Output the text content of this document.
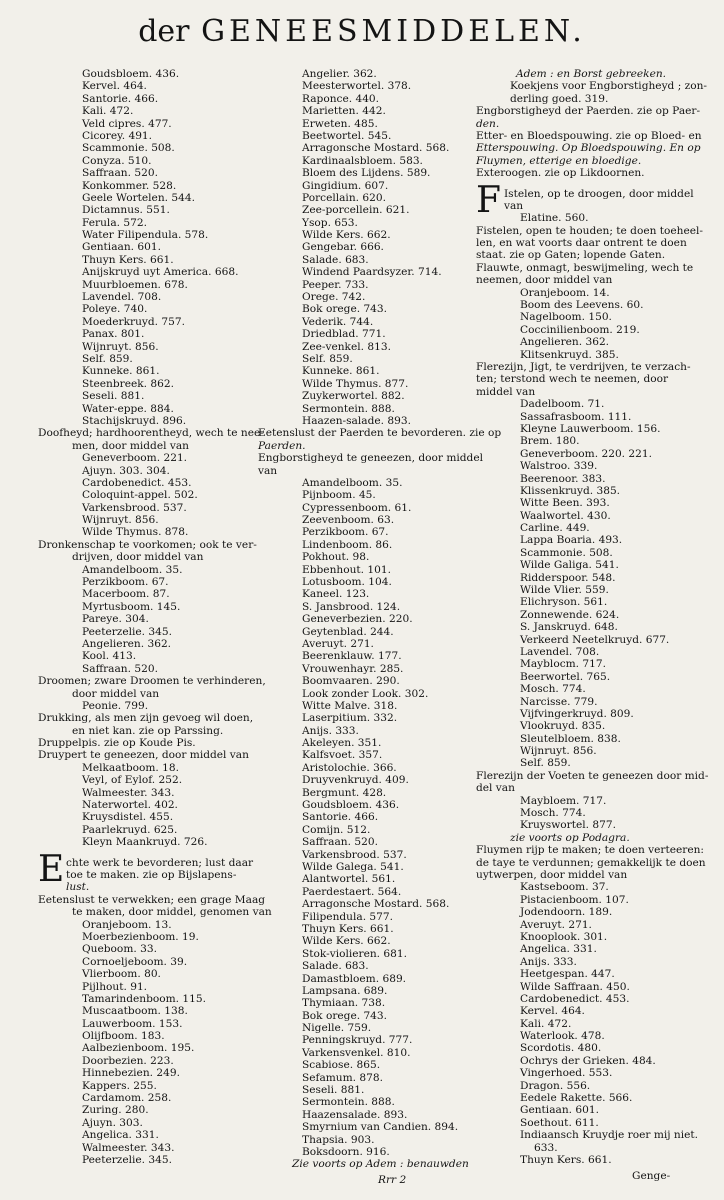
der GENEESMIDDELEN.
Goudsbloem. 436.
Kervel. 464.
Santorie. 466.
Kali. 472.
Veld cipres. 477.
Cicorey. 491.
Scammonie. 508.
Conyza. 510.
Saffraan. 520.
Konkommer. 528.
Geele Wortelen. 544.
Dictamnus. 551.
Ferula. 572.
Water Filipendula. 578.
Gentiaan. 601.
Thuyn Kers. 661.
Anijskruyd uyt America. 668.
Muurbloemen. 678.
Lavendel. 708.
Poleye. 740.
Moederkruyd. 757.
Panax. 801.
Wijnruyt. 856.
Self. 859.
Kunneke. 861.
Steenbreek. 862.
Seseli. 881.
Water-eppe. 884.
Stachijskruyd. 896.
Doofheyd; hardhoorentheyd, wech te nee-
men, door middel van
Geneverboom. 221.
Ajuyn. 303. 304.
Cardobenedict. 453.
Coloquint-appel. 502.
Varkensbrood. 537.
Wijnruyt. 856.
Wilde Thymus. 878.
Dronkenschap te voorkomen; ook te ver-
drijven, door middel van
Amandelboom. 35.
Perzikboom. 67.
Macerboom. 87.
Myrtusboom. 145.
Pareye. 304.
Peeterzelie. 345.
Angelieren. 362.
Kool. 413.
Saffraan. 520.
Droomen; zware Droomen te verhinderen,
door middel van
Peonie. 799.
Drukking, als men zijn gevoeg wil doen,
en niet kan. zie op Parssing.
Druppelpis. zie op Koude Pis.
Druypert te geneezen, door middel van
Melkaatboom. 18.
Veyl, of Eylof. 252.
Walmeester. 343.
Naterwortel. 402.
Kruysdistel. 455.
Paarlekruyd. 625.
Kleyn Maankruyd. 726.
E chte werk te bevorderen; lust daar
toe te maken. zie op Bijslapens-
lust.
Eetenslust te verwekken; een grage Maag
te maken, door middel, genomen van
Oranjeboom. 13.
Moerbezienboom. 19.
Queboom. 33.
Cornoeljeboom. 39.
Vlierboom. 80.
Pijlhout. 91.
Tamarindenboom. 115.
Muscaatboom. 138.
Lauwerboom. 153.
Olijfboom. 183.
Aalbezienboom. 195.
Doorbezien. 223.
Hinnebezien. 249.
Kappers. 255.
Cardamom. 258.
Zuring. 280.
Ajuyn. 303.
Angelica. 331.
Walmeester. 343.
Peeterzelie. 345.
Angelier. 362.
Meesterwortel. 378.
Raponce. 440.
Marietten. 442.
Erweten. 485.
Beetwortel. 545.
Arragonsche Mostard. 568.
Kardinaalsbloem. 583.
Bloem des Lijdens. 589.
Gingidium. 607.
Porcellain. 620.
Zee-porcellein. 621.
Ysop. 653.
Wilde Kers. 662.
Gengebar. 666.
Salade. 683.
Windend Paardsyzer. 714.
Peeper. 733.
Orege. 742.
Bok orege. 743.
Vederik. 744.
Driedblad. 771.
Zee-venkel. 813.
Self. 859.
Kunneke. 861.
Wilde Thymus. 877.
Zuykerwortel. 882.
Sermontein. 888.
Haazen-salade. 893.
Eetenslust der Paerden te bevorderen. zie op
Paerden.
Engborstigheyd te geneezen, door middel
van
Amandelboom. 35.
Pijnboom. 45.
Cypressenboom. 61.
Zeevenboom. 63.
Perzikboom. 67.
Lindenboom. 86.
Pokhout. 98.
Ebbenhout. 101.
Lotusboom. 104.
Kaneel. 123.
S. Jansbrood. 124.
Geneverbezien. 220.
Geytenblad. 244.
Averuyt. 271.
Beerenklauw. 177.
Vrouwenhayr. 285.
Boomvaaren. 290.
Look zonder Look. 302.
Witte Malve. 318.
Laserpitium. 332.
Anijs. 333.
Akeleyen. 351.
Kalfsvoet. 357.
Aristolochie. 366.
Druyvenkruyd. 409.
Bergmunt. 428.
Goudsbloem. 436.
Santorie. 466.
Comijn. 512.
Saffraan. 520.
Varkensbrood. 537.
Wilde Galega. 541.
Alantwortel. 561.
Paerdestaert. 564.
Arragonsche Mostard. 568.
Filipendula. 577.
Thuyn Kers. 661.
Wilde Kers. 662.
Stok-violieren. 681.
Salade. 683.
Damastbloem. 689.
Lampsana. 689.
Thymiaan. 738.
Bok orege. 743.
Nigelle. 759.
Penningskruyd. 777.
Varkensvenkel. 810.
Scabiose. 865.
Sefamum. 878.
Seseli. 881.
Sermontein. 888.
Haazensalade. 893.
Smyrnium van Candien. 894.
Thapsia. 903.
Boksdoorn. 916.
Zie voorts op Adem : benauwden
Adem : en Borst gebreeken.
Koekjens voor Engborstigheyd ; zon-
derling goed. 319.
Engborstigheyd der Paerden. zie op Paer-
den.
Etter- en Bloedspouwing. zie op Bloed- en
Etterspouwing. Op Bloedspouwing. En op
Fluymen, etterige en bloedige.
Exteroogen. zie op Likdoornen.
F Istelen, op te droogen, door middel
van
Elatine. 560.
Fistelen, open te houden; te doen toeheel-
len, en wat voorts daar ontrent te doen
staat. zie op Gaten; lopende Gaten.
Flauwte, onmagt, beswijmeling, wech te
neemen, door middel van
Oranjeboom. 14.
Boom des Leevens. 60.
Nagelboom. 150.
Coccinilienboom. 219.
Angelieren. 362.
Klitsenkruyd. 385.
Flerezijn, Jigt, te verdrijven, te verzach-
ten; terstond wech te neemen, door
middel van
Dadelboom. 71.
Sassafrasboom. 111.
Kleyne Lauwerboom. 156.
Brem. 180.
Geneverboom. 220. 221.
Walstroo. 339.
Beerenoor. 383.
Klissenkruyd. 385.
Witte Been. 393.
Waalwortel. 430.
Carline. 449.
Lappa Boaria. 493.
Scammonie. 508.
Wilde Galiga. 541.
Ridderspoor. 548.
Wilde Vlier. 559.
Elichryson. 561.
Zonnewende. 624.
S. Janskruyd. 648.
Verkeerd Neetelkruyd. 677.
Lavendel. 708.
Mayblocm. 717.
Beerwortel. 765.
Mosch. 774.
Narcisse. 779.
Vijfvingerkruyd. 809.
Vlookruyd. 835.
Sleutelbloem. 838.
Wijnruyt. 856.
Self. 859.
Flerezijn der Voeten te geneezen door mid-
del van
Maybloem. 717.
Mosch. 774.
Kruyswortel. 877.
zie voorts op Podagra.
Fluymen rijp te maken; te doen verteeren:
de taye te verdunnen; gemakkelijk te doen
uytwerpen, door middel van
Kastseboom. 37.
Pistacienboom. 107.
Jodendoorn. 189.
Averuyt. 271.
Knooplook. 301.
Angelica. 331.
Anijs. 333.
Heetgespan. 447.
Wilde Saffraan. 450.
Cardobenedict. 453.
Kervel. 464.
Kali. 472.
Waterlook. 478.
Scordotis. 480.
Ochrys der Grieken. 484.
Vingerhoed. 553.
Dragon. 556.
Eedele Rakette. 566.
Gentiaan. 601.
Soethout. 611.
Indiaansch Kruydje roer mij niet.
633.
Thuyn Kers. 661.
Rrr 2	Genge-
